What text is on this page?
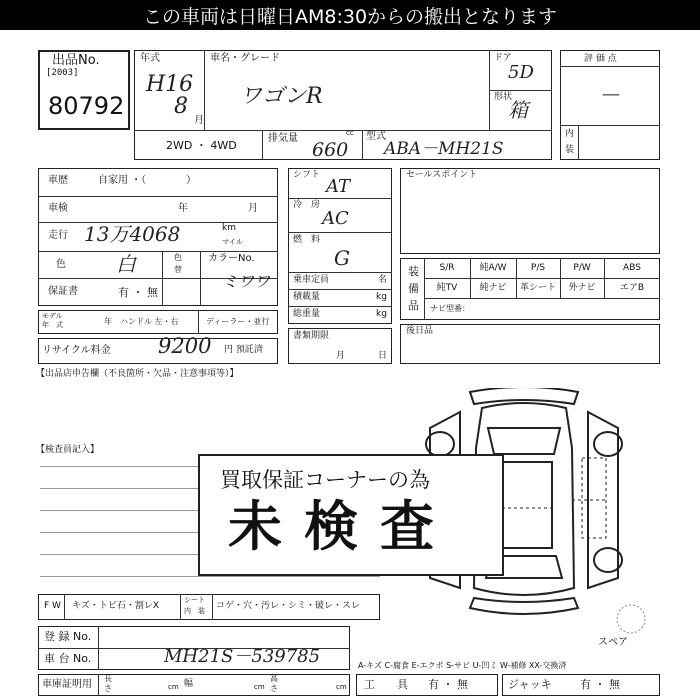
この車両は日曜日AM8:30からの搬出となります
出品No.
[2003]
80792
年式
H16
8
月
車名・グレード
ワゴンR
ドア
5D
形状
箱
2WD ・ 4WD
排気量	cc
660
型式
ABA－MH21S
評 価 点
－
内
装
車歴	自家用 ・（　　　　）
車検	年	月
走行 13万4068	km
マイル
色	白	色
替
カラーNo.
ミワワ
保証書	有 ・ 無
モデル
年　式	年 ハンドル 左・右	ディーラー・並行
リサイクル料金 9200 円 預託済
シフト
AT
冷　房
AC
燃　料
G
乗車定員	名
積載量	kg
総重量	kg
書類期限
月	日
セールスポイント
装
備
品
S/R	純A/W	P/S	P/W	ABS
純TV	純ナビ	革シート	外ナビ	エアB
ナビ型番：
後日品
【出品店申告欄（不良箇所・欠品・注意事項等）】
【検査員記入】
スペア
買取保証コーナーの為
未検査
F W キズ・トビ石・割レX
シート
内　装 コゲ・穴・汚レ・シミ・破レ・スレ
登 録 No.
車 台 No.	MH21S－539785
車庫証明用
長
さ	cm 幅	cm
高
さ	cm
A-キズ C-腐食 E-エクボ S-サビ U-凹ミ W-補修 XX-交換済
工　　具 有 ・ 無	ジャッキ	有 ・ 無
